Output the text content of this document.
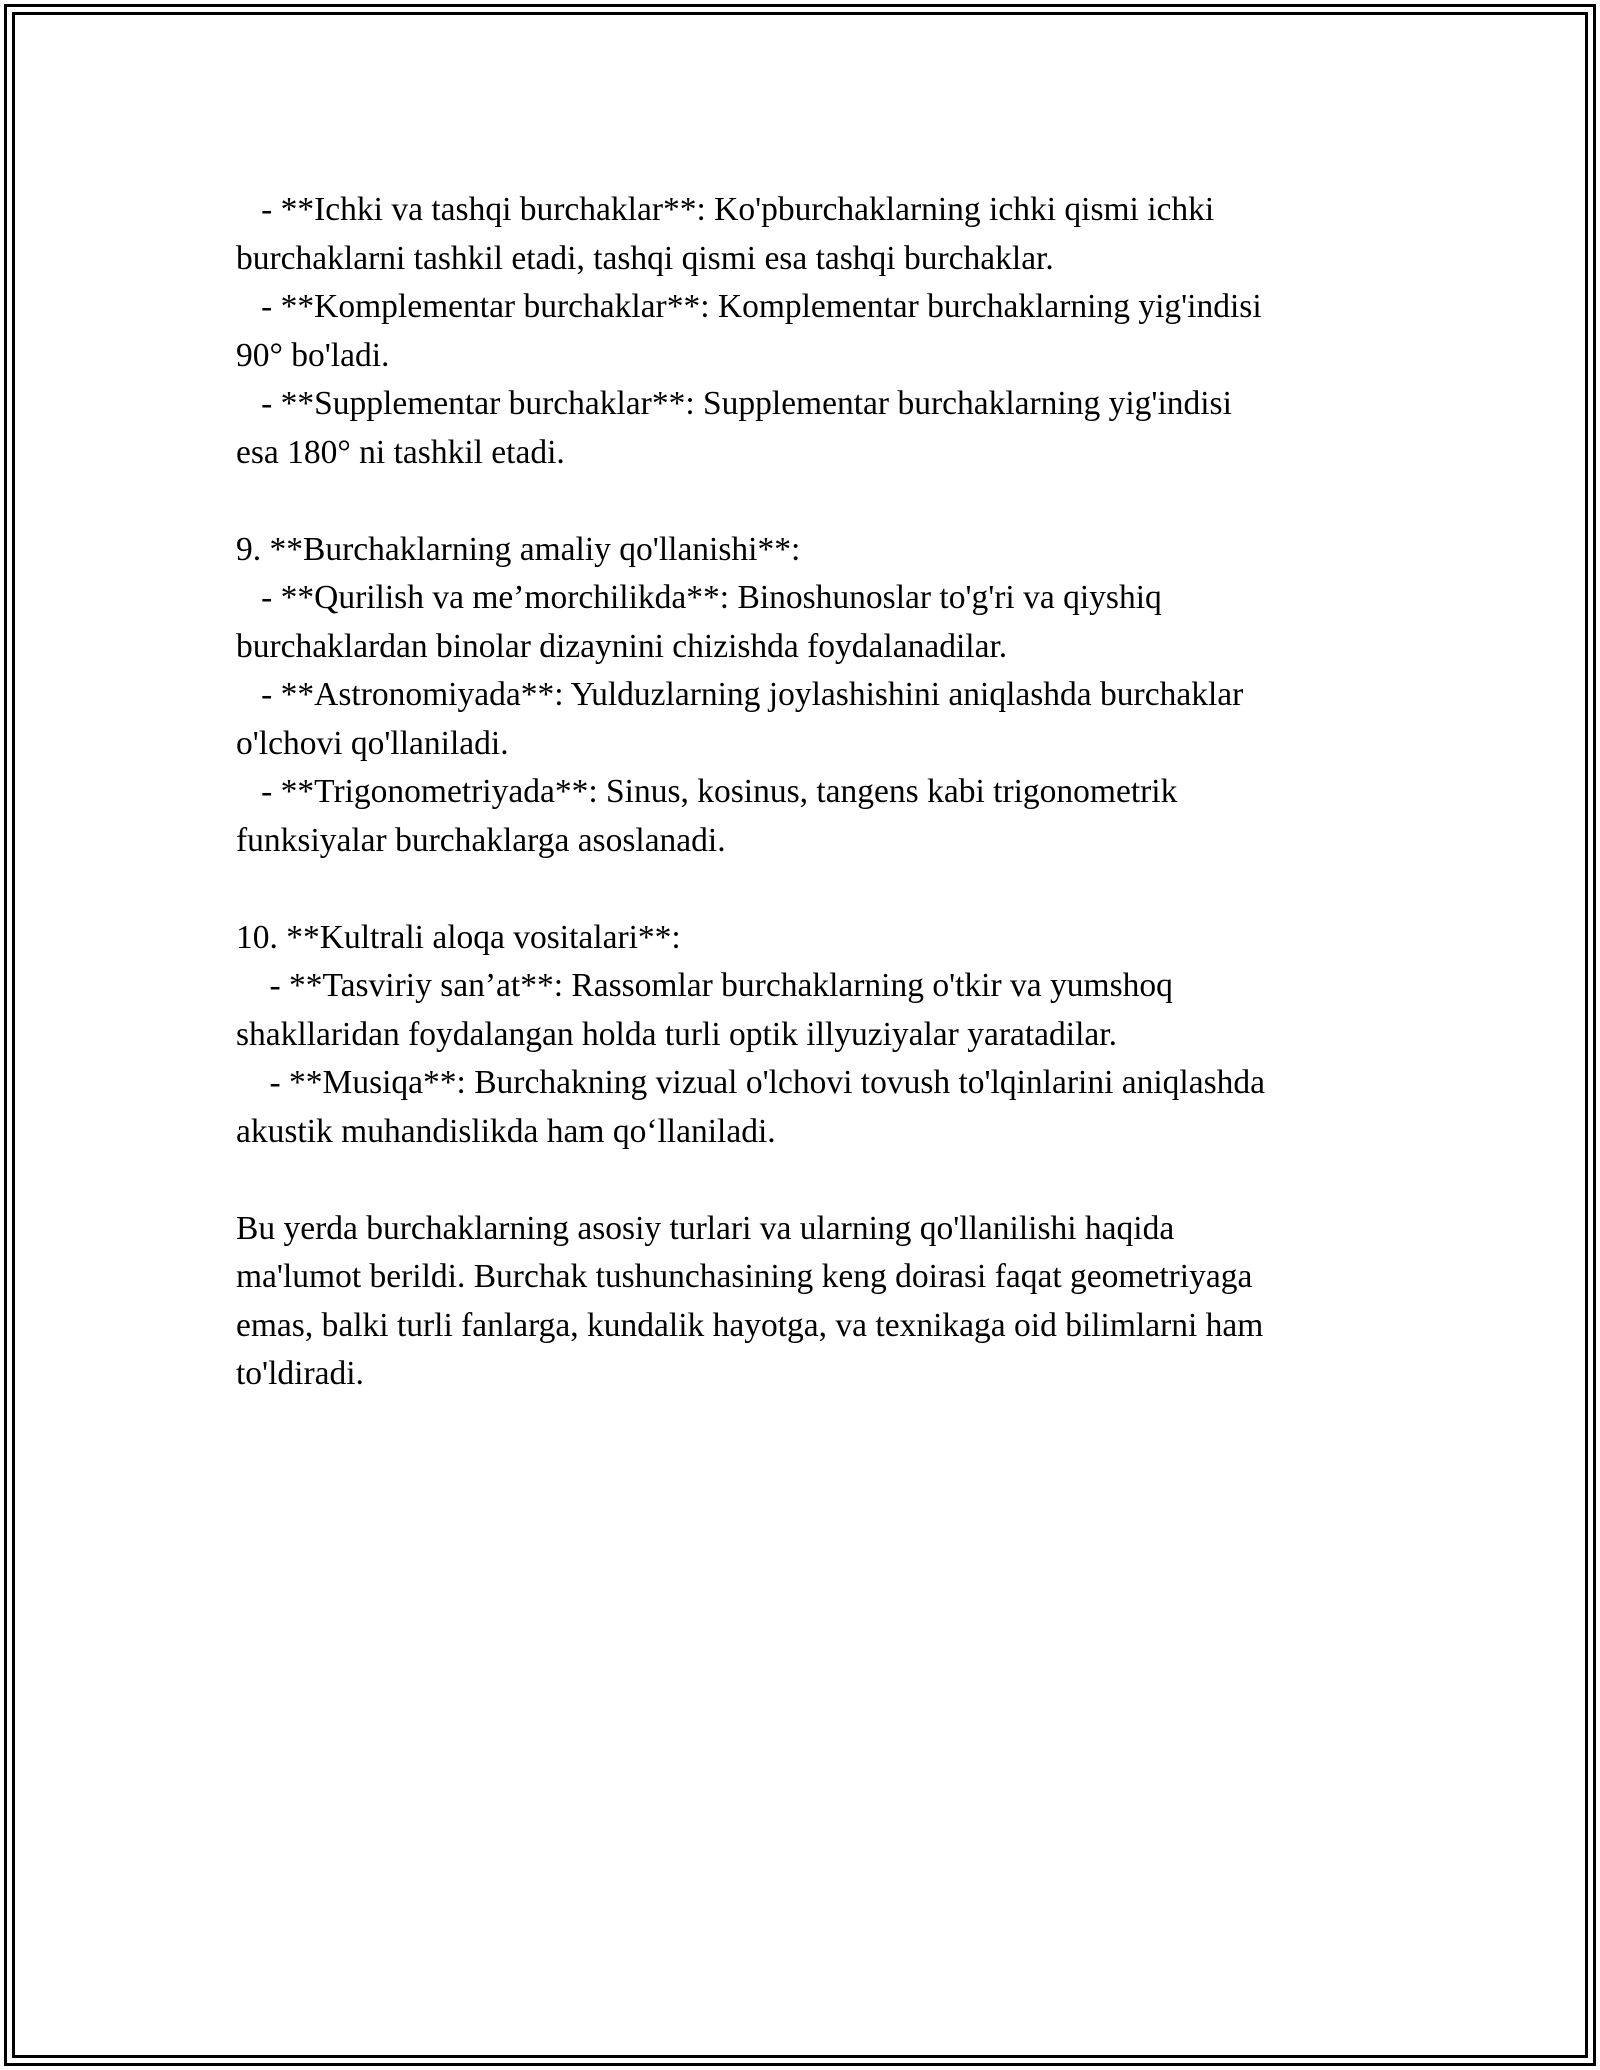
- **Ichki va tashqi burchaklar**: Ko'pburchaklarning ichki qismi ichki
burchaklarni tashkil etadi, tashqi qismi esa tashqi burchaklar.
- **Komplementar burchaklar**: Komplementar burchaklarning yig'indisi
90° bo'ladi.
- **Supplementar burchaklar**: Supplementar burchaklarning yig'indisi
esa 180° ni tashkil etadi.
9. **Burchaklarning amaliy qo'llanishi**:
- **Qurilish va me’morchilikda**: Binoshunoslar to'g'ri va qiyshiq
burchaklardan binolar dizaynini chizishda foydalanadilar.
- **Astronomiyada**: Yulduzlarning joylashishini aniqlashda burchaklar
o'lchovi qo'llaniladi.
- **Trigonometriyada**: Sinus, kosinus, tangens kabi trigonometrik
funksiyalar burchaklarga asoslanadi.
10. **Kultrali aloqa vositalari**:
- **Tasviriy san’at**: Rassomlar burchaklarning o'tkir va yumshoq
shakllaridan foydalangan holda turli optik illyuziyalar yaratadilar.
- **Musiqa**: Burchakning vizual o'lchovi tovush to'lqinlarini aniqlashda
akustik muhandislikda ham qo‘llaniladi.
Bu yerda burchaklarning asosiy turlari va ularning qo'llanilishi haqida
ma'lumot berildi. Burchak tushunchasining keng doirasi faqat geometriyaga
emas, balki turli fanlarga, kundalik hayotga, va texnikaga oid bilimlarni ham
to'ldiradi.
